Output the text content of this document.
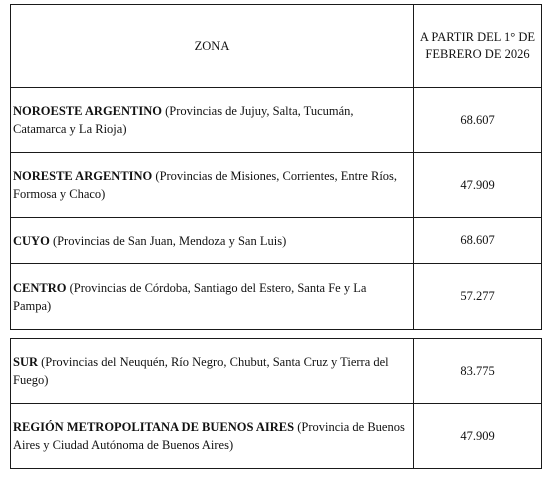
ZONA
A PARTIR DEL 1° DE FEBRERO DE 2026
NOROESTE ARGENTINO (Provincias de Jujuy, Salta, Tucumán, Catamarca y La Rioja)
68.607
NORESTE ARGENTINO (Provincias de Misiones, Corrientes, Entre Ríos, Formosa y Chaco)
47.909
CUYO (Provincias de San Juan, Mendoza y San Luis)	68.607
CENTRO (Provincias de Córdoba, Santiago del Estero, Santa Fe y La Pampa)
57.277
SUR (Provincias del Neuquén, Río Negro, Chubut, Santa Cruz y Tierra del Fuego)
83.775
REGIÓN METROPOLITANA DE BUENOS AIRES (Provincia de Buenos Aires y Ciudad Autónoma de Buenos Aires)
47.909
